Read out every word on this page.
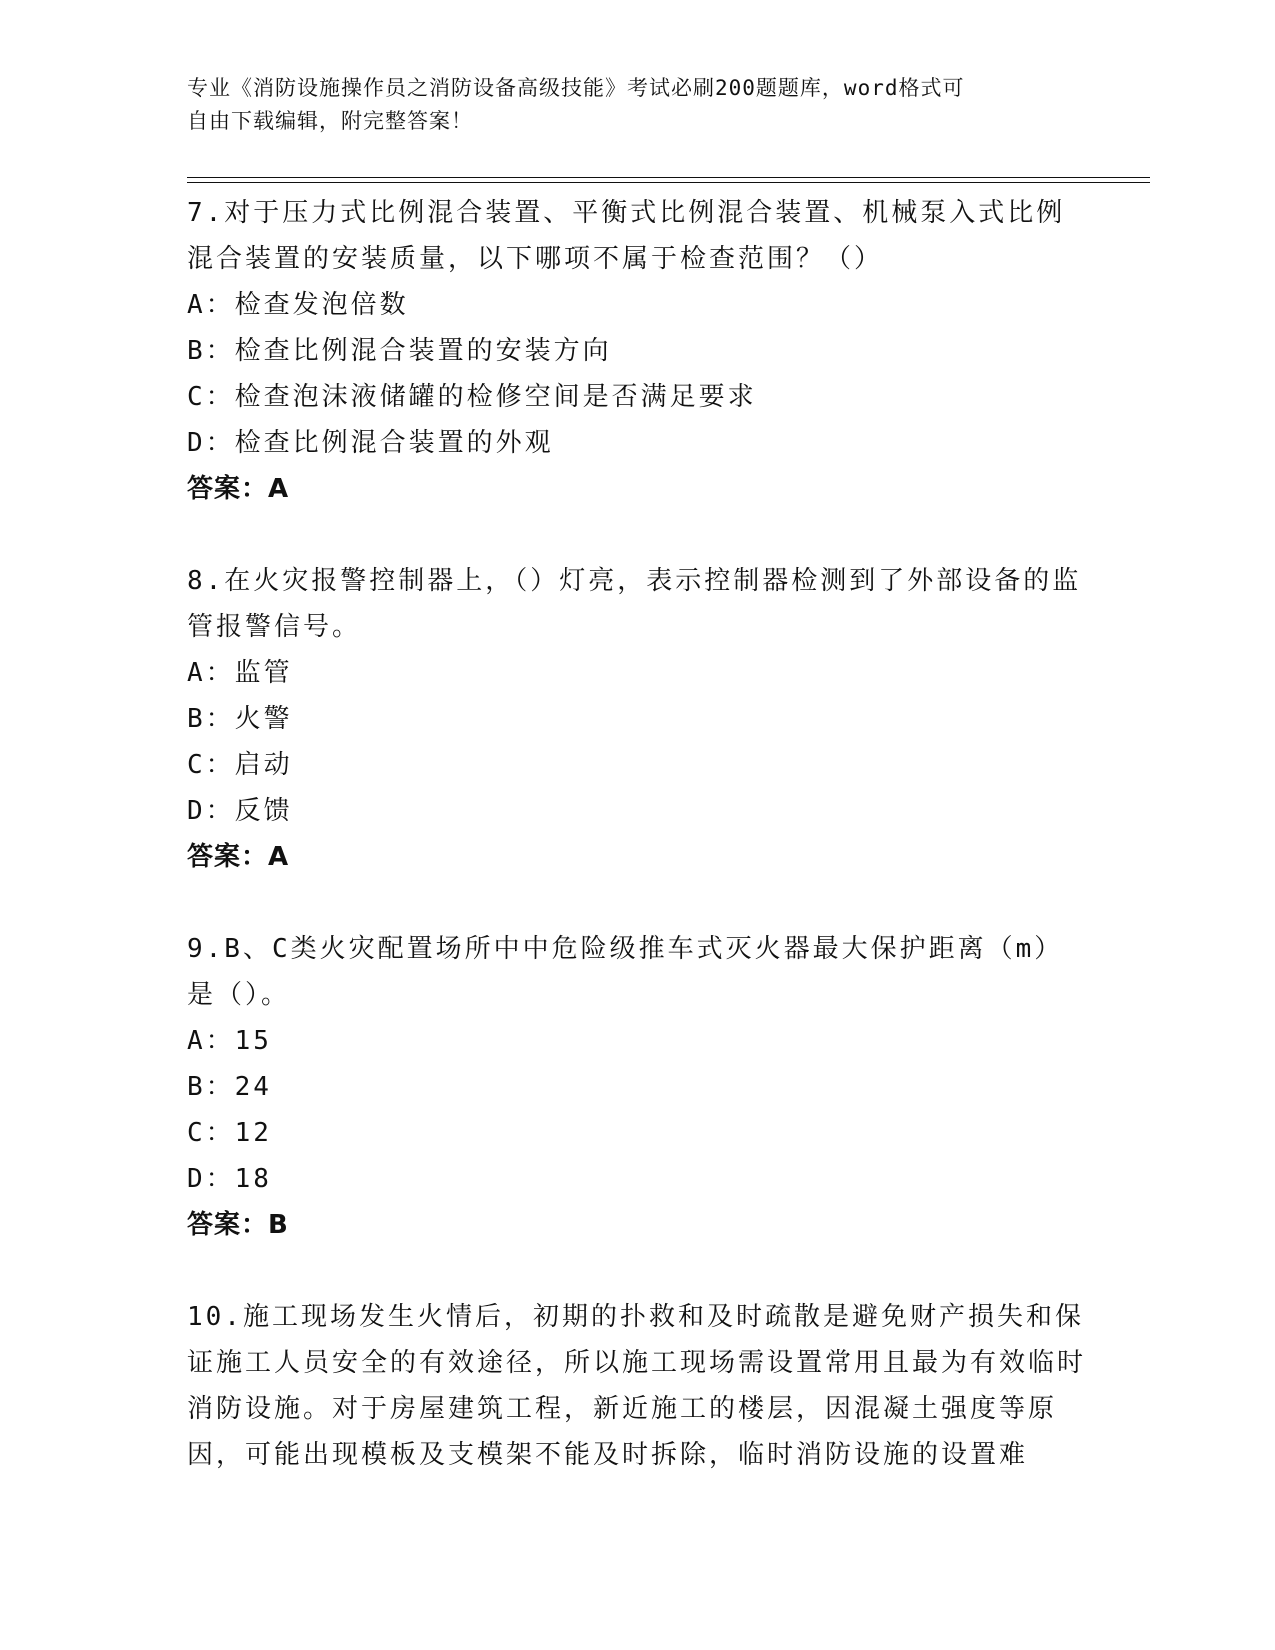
专业《消防设施操作员之消防设备高级技能》考试必刷200题题库，word格式可
自由下载编辑，附完整答案！

7.对于压力式比例混合装置、平衡式比例混合装置、机械泵入式比例混合装置的安装质量，以下哪项不属于检查范围？（）

A：检查发泡倍数

B：检查比例混合装置的安装方向

C：检查泡沫液储罐的检修空间是否满足要求

D：检查比例混合装置的外观

答案：A

8.在火灾报警控制器上，（）灯亮，表示控制器检测到了外部设备的监管报警信号。

A：监管

B：火警

C：启动

D：反馈

答案：A

9.B、C类火灾配置场所中中危险级推车式灭火器最大保护距离（m）是（）。

A：15

B：24

C：12

D：18

答案：B

10.施工现场发生火情后，初期的扑救和及时疏散是避免财产损失和保证施工人员安全的有效途径，所以施工现场需设置常用且最为有效临时消防设施。对于房屋建筑工程，新近施工的楼层，因混凝土强度等原因，可能出现模板及支模架不能及时拆除，临时消防设施的设置难
